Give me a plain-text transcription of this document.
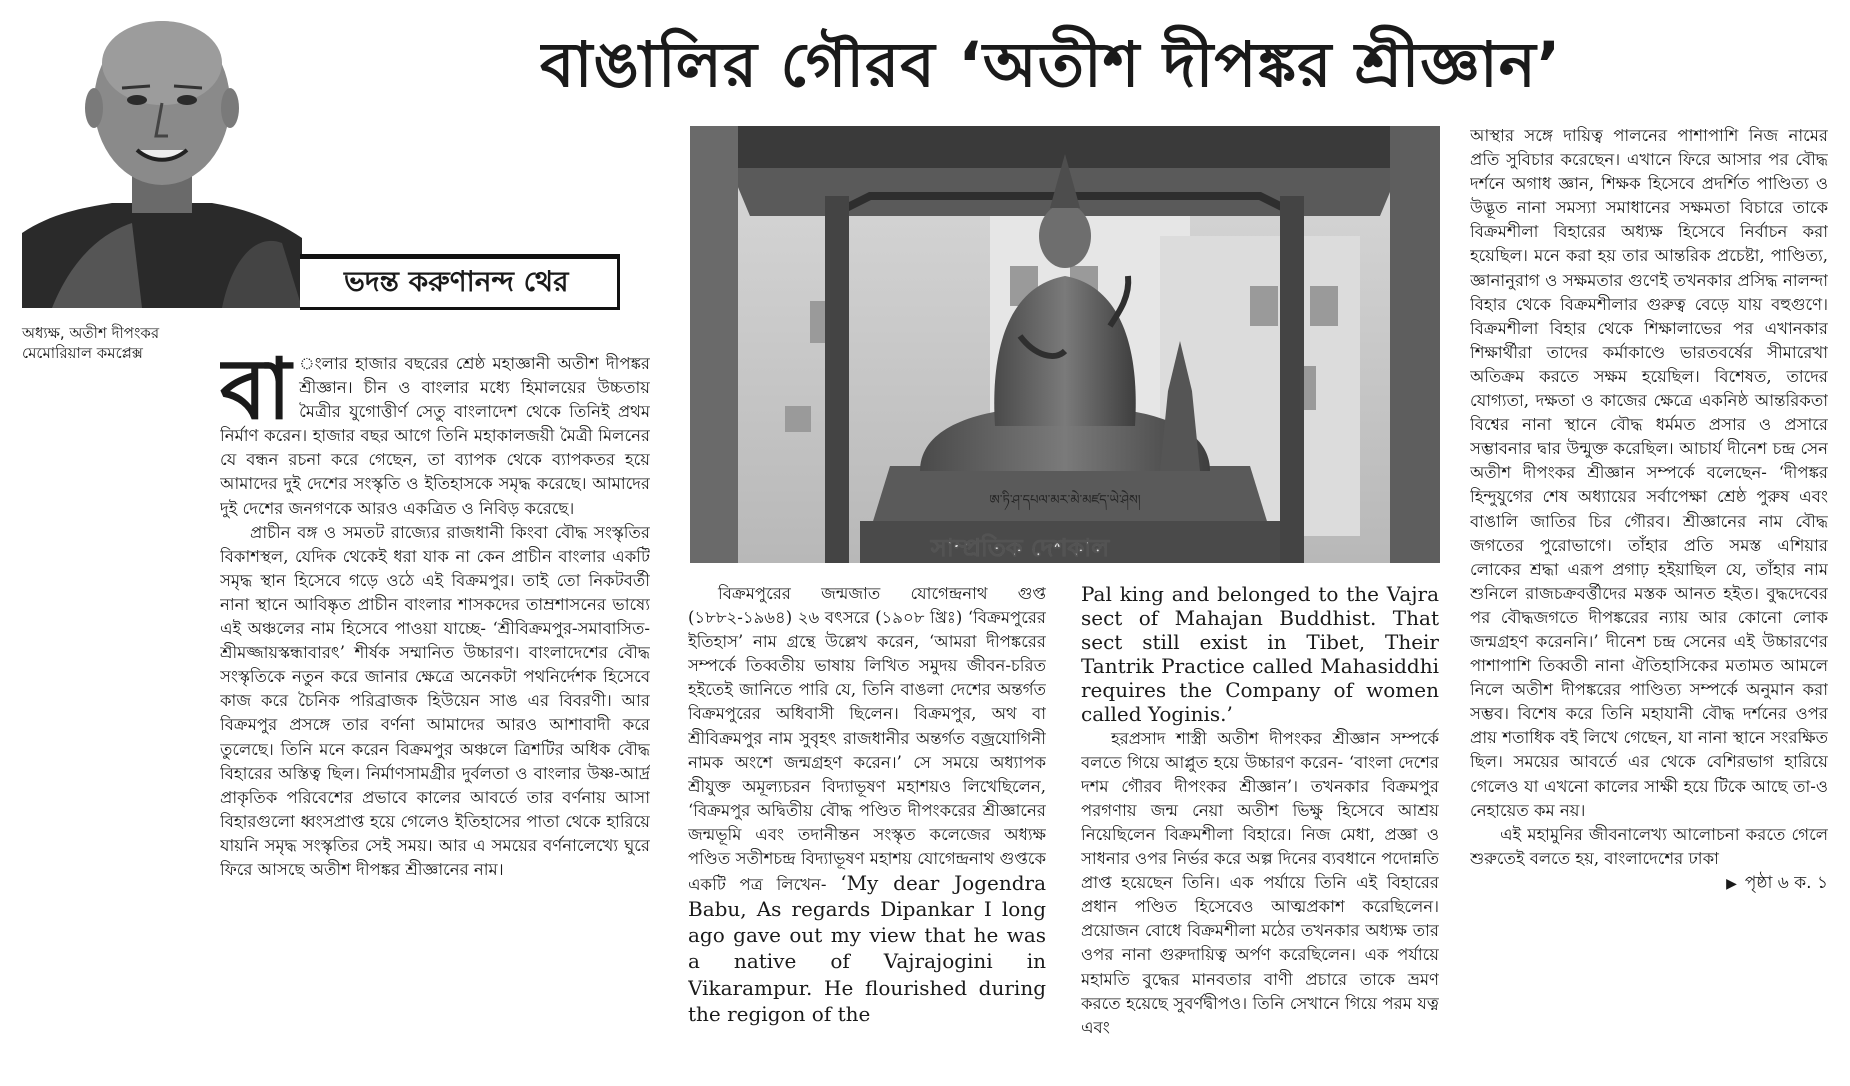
বাঙালির গৌরব ‘অতীশ দীপঙ্কর শ্রীজ্ঞান’
ভদন্ত করুণানন্দ থের
অধ্যক্ষ, অতীশ দীপংকর
মেমোরিয়াল কমপ্লেক্স
ཨ་ཏི་ཤ་དཔལ་མར་མེ་མཛད་ཡེ་ཤེས།
সাম্প্রতিক দেশকাল

বা ংলার হাজার বছরের শ্রেষ্ঠ মহাজ্ঞানী অতীশ দীপঙ্কর শ্রীজ্ঞান। চীন ও বাংলার মধ্যে হিমালয়ের উচ্চতায় মৈত্রীর যুগোত্তীর্ণ সেতু বাংলাদেশ থেকে তিনিই প্রথম নির্মাণ করেন। হাজার বছর আগে তিনি মহাকালজয়ী মৈত্রী মিলনের যে বন্ধন রচনা করে গেছেন, তা ব্যাপক থেকে ব্যাপকতর হয়ে আমাদের দুই দেশের সংস্কৃতি ও ইতিহাসকে সমৃদ্ধ করেছে। আমাদের দুই দেশের জনগণকে আরও একত্রিত ও নিবিড় করেছে।

প্রাচীন বঙ্গ ও সমতট রাজ্যের রাজধানী কিংবা বৌদ্ধ সংস্কৃতির বিকাশস্থল, যেদিক থেকেই ধরা যাক না কেন প্রাচীন বাংলার একটি সমৃদ্ধ স্থান হিসেবে গড়ে ওঠে এই বিক্রমপুর। তাই তো নিকটবর্তী নানা স্থানে আবিষ্কৃত প্রাচীন বাংলার শাসকদের তাম্রশাসনের ভাষ্যে এই অঞ্চলের নাম হিসেবে পাওয়া যাচ্ছে- ‘শ্রীবিক্রমপুর-সমাবাসিত-শ্রীমজ্জায়স্কন্ধাবারৎ’ শীর্ষক সম্মানিত উচ্চারণ। বাংলাদেশের বৌদ্ধ সংস্কৃতিকে নতুন করে জানার ক্ষেত্রে অনেকটা পথনির্দেশক হিসেবে কাজ করে চৈনিক পরিব্রাজক হিউয়েন সাঙ এর বিবরণী। আর বিক্রমপুর প্রসঙ্গে তার বর্ণনা আমাদের আরও আশাবাদী করে তুলেছে। তিনি মনে করেন বিক্রমপুর অঞ্চলে ত্রিশটির অধিক বৌদ্ধ বিহারের অস্তিত্ব ছিল। নির্মাণসামগ্রীর দুর্বলতা ও বাংলার উষ্ণ-আর্দ্র প্রাকৃতিক পরিবেশের প্রভাবে কালের আবর্তে তার বর্ণনায় আসা বিহারগুলো ধ্বংসপ্রাপ্ত হয়ে গেলেও ইতিহাসের পাতা থেকে হারিয়ে যায়নি সমৃদ্ধ সংস্কৃতির সেই সময়। আর এ সময়ের বর্ণনালেখ্যে ঘুরে ফিরে আসছে অতীশ দীপঙ্কর শ্রীজ্ঞানের নাম।

বিক্রমপুরের জন্মজাত যোগেন্দ্রনাথ গুপ্ত (১৮৮২-১৯৬৪) ২৬ বৎসরে (১৯০৮ খ্রিঃ) ‘বিক্রমপুরের ইতিহাস’ নাম গ্রন্থে উল্লেখ করেন, ‘আমরা দীপঙ্করের সম্পর্কে তিব্বতীয় ভাষায় লিখিত সমুদয় জীবন-চরিত হইতেই জানিতে পারি যে, তিনি বাঙলা দেশের অন্তর্গত বিক্রমপুরের অধিবাসী ছিলেন। বিক্রমপুর, অথ বা শ্রীবিক্রমপুর নাম সুবৃহৎ রাজধানীর অন্তর্গত বজ্রযোগিনী নামক অংশে জন্মগ্রহণ করেন।’ সে সময়ে অধ্যাপক শ্রীযুক্ত অমূল্যচরন বিদ্যাভূষণ মহাশয়ও লিখেছিলেন, ‘বিক্রমপুর অদ্বিতীয় বৌদ্ধ পণ্ডিত দীপংকরের শ্রীজ্ঞানের জন্মভূমি এবং তদানীন্তন সংস্কৃত কলেজের অধ্যক্ষ পণ্ডিত সতীশচন্দ্র বিদ্যাভূষণ মহাশয় যোগেন্দ্রনাথ গুপ্তকে একটি পত্র লিখেন- ‘My dear Jogendra Babu, As regards Dipankar I long ago gave out my view that he was a native of Vajrajogini in Vikarampur. He flourished during the regigon of the

Pal king and belonged to the Vajra sect of Mahajan Buddhist. That sect still exist in Tibet, Their Tantrik Practice called Mahasiddhi requires the Company of women called Yoginis.’

হরপ্রসাদ শাস্ত্রী অতীশ দীপংকর শ্রীজ্ঞান সম্পর্কে বলতে গিয়ে আপ্লুত হয়ে উচ্চারণ করেন- ‘বাংলা দেশের দশম গৌরব দীপংকর শ্রীজ্ঞান’। তখনকার বিক্রমপুর পরগণায় জন্ম নেয়া অতীশ ভিক্ষু হিসেবে আশ্রয় নিয়েছিলেন বিক্রমশীলা বিহারে। নিজ মেধা, প্রজ্ঞা ও সাধনার ওপর নির্ভর করে অল্প দিনের ব্যবধানে পদোন্নতি প্রাপ্ত হয়েছেন তিনি। এক পর্যায়ে তিনি এই বিহারের প্রধান পণ্ডিত হিসেবেও আত্মপ্রকাশ করেছিলেন। প্রয়োজন বোধে বিক্রমশীলা মঠের তখনকার অধ্যক্ষ তার ওপর নানা গুরুদায়িত্ব অর্পণ করেছিলেন। এক পর্যায়ে মহামতি বুদ্ধের মানবতার বাণী প্রচারে তাকে ভ্রমণ করতে হয়েছে সুবর্ণদ্বীপও। তিনি সেখানে গিয়ে পরম যত্ন এবং

আস্থার সঙ্গে দায়িত্ব পালনের পাশাপাশি নিজ নামের প্রতি সুবিচার করেছেন। এখানে ফিরে আসার পর বৌদ্ধ দর্শনে অগাধ জ্ঞান, শিক্ষক হিসেবে প্রদর্শিত পাণ্ডিত্য ও উদ্ভূত নানা সমস্যা সমাধানের সক্ষমতা বিচারে তাকে বিক্রমশীলা বিহারের অধ্যক্ষ হিসেবে নির্বাচন করা হয়েছিল। মনে করা হয় তার আন্তরিক প্রচেষ্টা, পাণ্ডিত্য, জ্ঞানানুরাগ ও সক্ষমতার গুণেই তখনকার প্রসিদ্ধ নালন্দা বিহার থেকে বিক্রমশীলার গুরুত্ব বেড়ে যায় বহুগুণে। বিক্রমশীলা বিহার থেকে শিক্ষালাভের পর এখানকার শিক্ষার্থীরা তাদের কর্মাকাণ্ডে ভারতবর্ষের সীমারেখা অতিক্রম করতে সক্ষম হয়েছিল। বিশেষত, তাদের যোগ্যতা, দক্ষতা ও কাজের ক্ষেত্রে একনিষ্ঠ আন্তরিকতা বিশ্বের নানা স্থানে বৌদ্ধ ধর্মমত প্রসার ও প্রসারে সম্ভাবনার দ্বার উন্মুক্ত করেছিল। আচার্য দীনেশ চন্দ্র সেন অতীশ দীপংকর শ্রীজ্ঞান সম্পর্কে বলেছেন- ‘দীপঙ্কর হিন্দুযুগের শেষ অধ্যায়ের সর্বাপেক্ষা শ্রেষ্ঠ পুরুষ এবং বাঙালি জাতির চির গৌরব। শ্রীজ্ঞানের নাম বৌদ্ধ জগতের পুরোভাগে। তাঁহার প্রতি সমস্ত এশিয়ার লোকের শ্রদ্ধা এরূপ প্রগাঢ় হইয়াছিল যে, তাঁহার নাম শুনিলে রাজচক্রবর্ত্তীদের মস্তক আনত হইত। বুদ্ধদেবের পর বৌদ্ধজগতে দীপঙ্করের ন্যায় আর কোনো লোক জন্মগ্রহণ করেননি।’ দীনেশ চন্দ্র সেনের এই উচ্চারণের পাশাপাশি তিব্বতী নানা ঐতিহাসিকের মতামত আমলে নিলে অতীশ দীপঙ্করের পাণ্ডিত্য সম্পর্কে অনুমান করা সম্ভব। বিশেষ করে তিনি মহাযানী বৌদ্ধ দর্শনের ওপর প্রায় শতাধিক বই লিখে গেছেন, যা নানা স্থানে সংরক্ষিত ছিল। সময়ের আবর্তে এর থেকে বেশিরভাগ হারিয়ে গেলেও যা এখনো কালের সাক্ষী হয়ে টিকে আছে তা-ও নেহায়েত কম নয়।

এই মহামুনির জীবনালেখ্য আলোচনা করতে গেলে শুরুতেই বলতে হয়, বাংলাদেশের ঢাকা

▶ পৃষ্ঠা ৬ ক. ১
